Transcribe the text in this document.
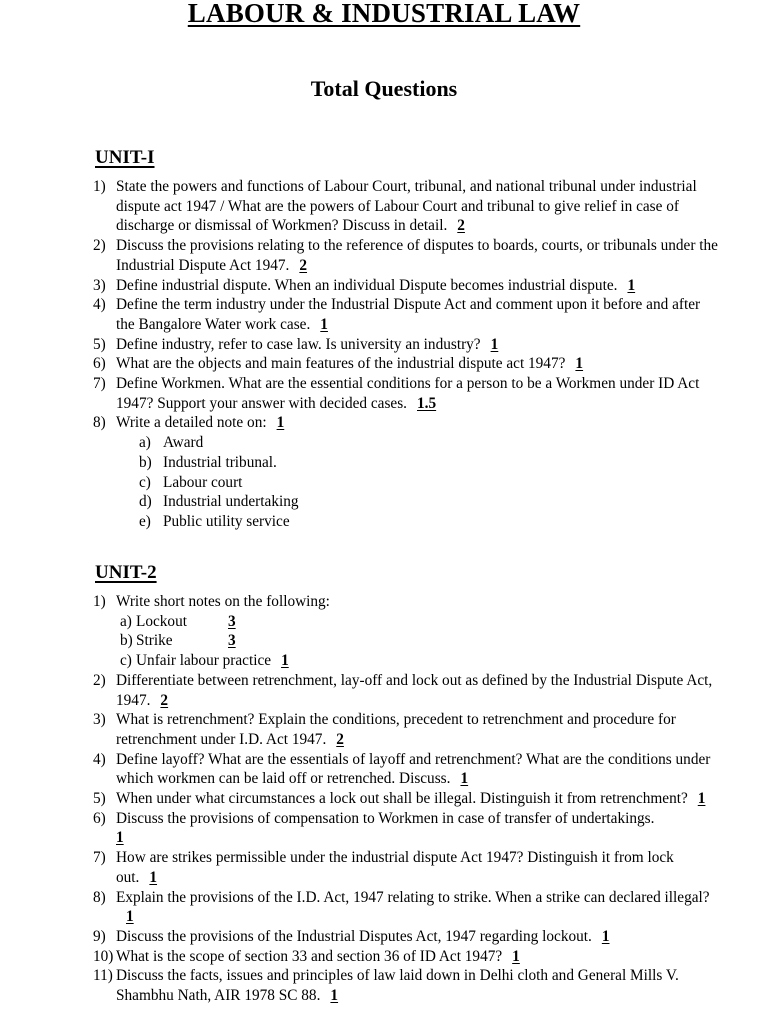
LABOUR & INDUSTRIAL LAW
Total Questions
UNIT-I
1) State the powers and functions of Labour Court, tribunal, and national tribunal under industrial dispute act 1947 / What are the powers of Labour Court and tribunal to give relief in case of discharge or dismissal of Workmen? Discuss in detail. 2
2) Discuss the provisions relating to the reference of disputes to boards, courts, or tribunals under the Industrial Dispute Act 1947. 2
3) Define industrial dispute. When an individual Dispute becomes industrial dispute. 1
4) Define the term industry under the Industrial Dispute Act and comment upon it before and after the Bangalore Water work case. 1
5) Define industry, refer to case law. Is university an industry? 1
6) What are the objects and main features of the industrial dispute act 1947? 1
7) Define Workmen. What are the essential conditions for a person to be a Workmen under ID Act 1947? Support your answer with decided cases. 1.5
8) Write a detailed note on: 1
a) Award
b) Industrial tribunal.
c) Labour court
d) Industrial undertaking
e) Public utility service
UNIT-2
1) Write short notes on the following:
a) Lockout	3
b) Strike	3
c) Unfair labour practice 1
2) Differentiate between retrenchment, lay-off and lock out as defined by the Industrial Dispute Act, 1947. 2
3) What is retrenchment? Explain the conditions, precedent to retrenchment and procedure for retrenchment under I.D. Act 1947. 2
4) Define layoff? What are the essentials of layoff and retrenchment? What are the conditions under which workmen can be laid off or retrenched. Discuss. 1
5) When under what circumstances a lock out shall be illegal. Distinguish it from retrenchment? 1
6) Discuss the provisions of compensation to Workmen in case of transfer of undertakings.
1
7) How are strikes permissible under the industrial dispute Act 1947? Distinguish it from lock out. 1
8) Explain the provisions of the I.D. Act, 1947 relating to strike. When a strike can declared illegal?1
9) Discuss the provisions of the Industrial Disputes Act, 1947 regarding lockout. 1
10) What is the scope of section 33 and section 36 of ID Act 1947? 1
11) Discuss the facts, issues and principles of law laid down in Delhi cloth and General Mills V. Shambhu Nath, AIR 1978 SC 88. 1
